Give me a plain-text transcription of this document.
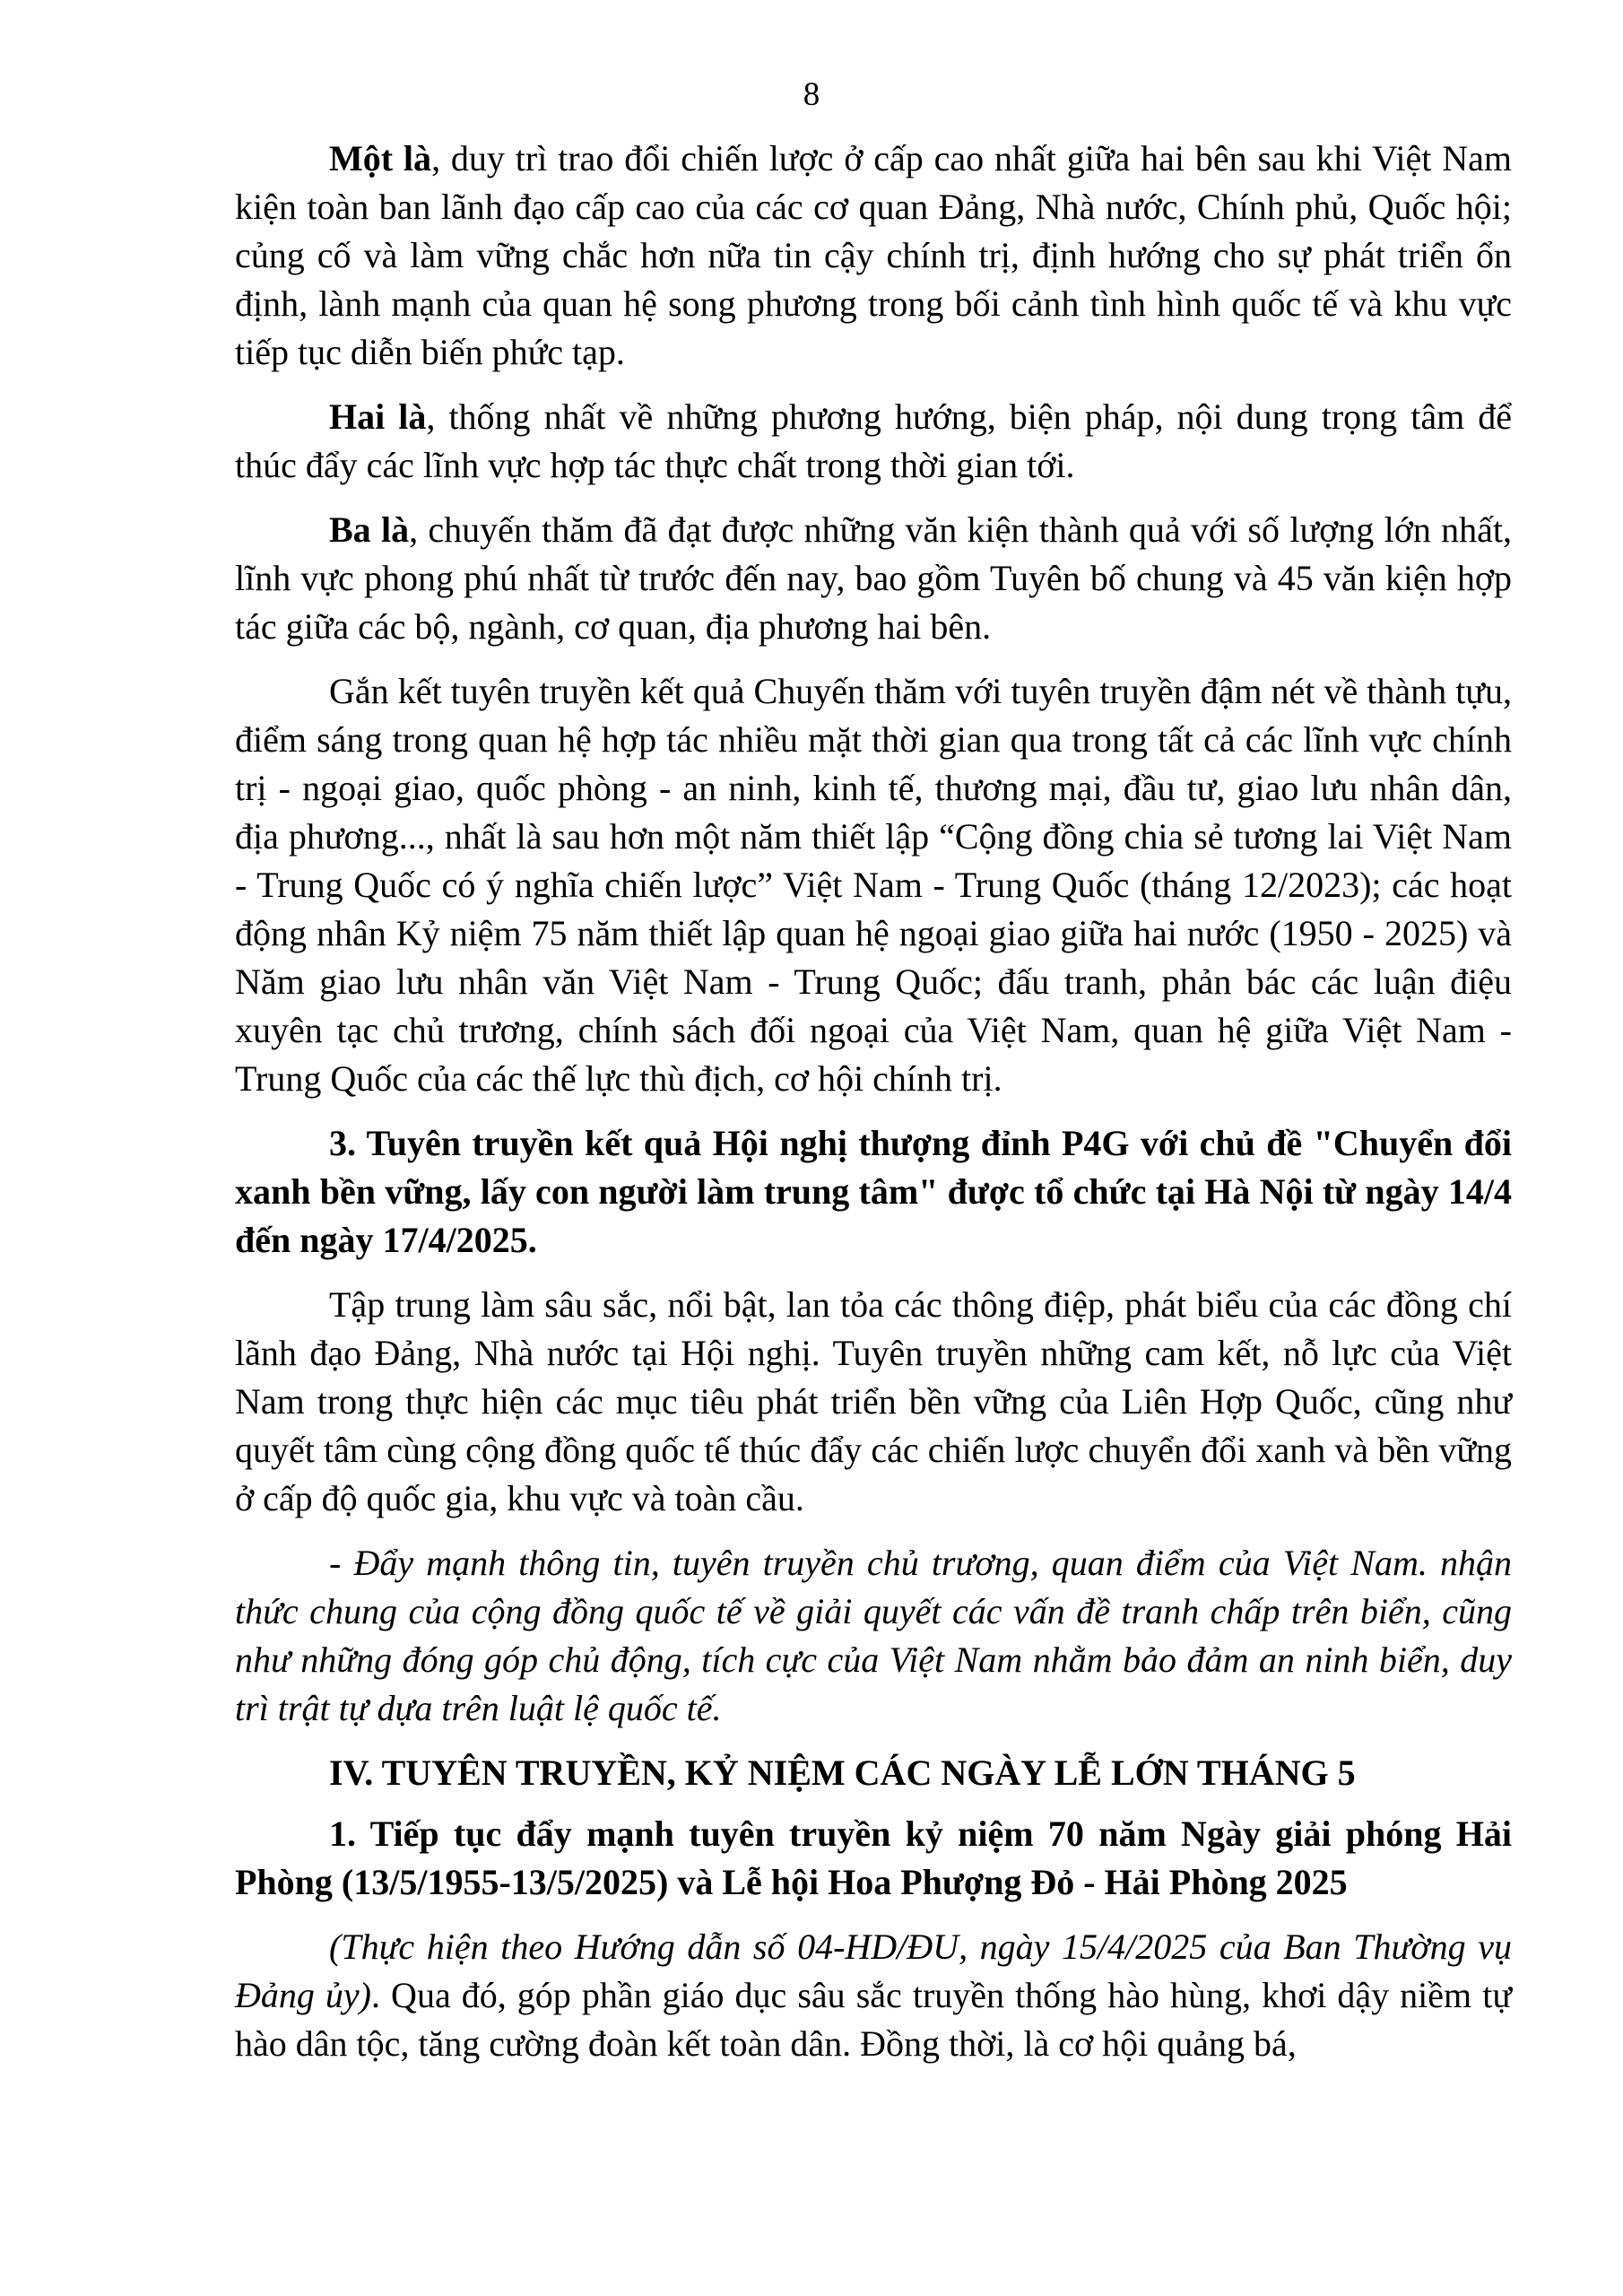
8

Một là, duy trì trao đổi chiến lược ở cấp cao nhất giữa hai bên sau khi Việt Nam kiện toàn ban lãnh đạo cấp cao của các cơ quan Đảng, Nhà nước, Chính phủ, Quốc hội; củng cố và làm vững chắc hơn nữa tin cậy chính trị, định hướng cho sự phát triển ổn định, lành mạnh của quan hệ song phương trong bối cảnh tình hình quốc tế và khu vực tiếp tục diễn biến phức tạp.

Hai là, thống nhất về những phương hướng, biện pháp, nội dung trọng tâm để thúc đẩy các lĩnh vực hợp tác thực chất trong thời gian tới.

Ba là, chuyến thăm đã đạt được những văn kiện thành quả với số lượng lớn nhất, lĩnh vực phong phú nhất từ trước đến nay, bao gồm Tuyên bố chung và 45 văn kiện hợp tác giữa các bộ, ngành, cơ quan, địa phương hai bên.

Gắn kết tuyên truyền kết quả Chuyến thăm với tuyên truyền đậm nét về thành tựu, điểm sáng trong quan hệ hợp tác nhiều mặt thời gian qua trong tất cả các lĩnh vực chính trị - ngoại giao, quốc phòng - an ninh, kinh tế, thương mại, đầu tư, giao lưu nhân dân, địa phương..., nhất là sau hơn một năm thiết lập “Cộng đồng chia sẻ tương lai Việt Nam - Trung Quốc có ý nghĩa chiến lược” Việt Nam - Trung Quốc (tháng 12/2023); các hoạt động nhân Kỷ niệm 75 năm thiết lập quan hệ ngoại giao giữa hai nước (1950 - 2025) và Năm giao lưu nhân văn Việt Nam - Trung Quốc; đấu tranh, phản bác các luận điệu xuyên tạc chủ trương, chính sách đối ngoại của Việt Nam, quan hệ giữa Việt Nam - Trung Quốc của các thế lực thù địch, cơ hội chính trị.

3. Tuyên truyền kết quả Hội nghị thượng đỉnh P4G với chủ đề "Chuyển đổi xanh bền vững, lấy con người làm trung tâm" được tổ chức tại Hà Nội từ ngày 14/4 đến ngày 17/4/2025.

Tập trung làm sâu sắc, nổi bật, lan tỏa các thông điệp, phát biểu của các đồng chí lãnh đạo Đảng, Nhà nước tại Hội nghị. Tuyên truyền những cam kết, nỗ lực của Việt Nam trong thực hiện các mục tiêu phát triển bền vững của Liên Hợp Quốc, cũng như quyết tâm cùng cộng đồng quốc tế thúc đẩy các chiến lược chuyển đổi xanh và bền vững ở cấp độ quốc gia, khu vực và toàn cầu.

- Đẩy mạnh thông tin, tuyên truyền chủ trương, quan điểm của Việt Nam. nhận thức chung của cộng đồng quốc tế về giải quyết các vấn đề tranh chấp trên biển, cũng như những đóng góp chủ động, tích cực của Việt Nam nhằm bảo đảm an ninh biển, duy trì trật tự dựa trên luật lệ quốc tế.

IV. TUYÊN TRUYỀN, KỶ NIỆM CÁC NGÀY LỄ LỚN THÁNG 5

1. Tiếp tục đẩy mạnh tuyên truyền kỷ niệm 70 năm Ngày giải phóng Hải Phòng (13/5/1955-13/5/2025) và Lễ hội Hoa Phượng Đỏ - Hải Phòng 2025

(Thực hiện theo Hướng dẫn số 04-HD/ĐU, ngày 15/4/2025 của Ban Thường vụ Đảng ủy). Qua đó, góp phần giáo dục sâu sắc truyền thống hào hùng, khơi dậy niềm tự hào dân tộc, tăng cường đoàn kết toàn dân. Đồng thời, là cơ hội quảng bá,
